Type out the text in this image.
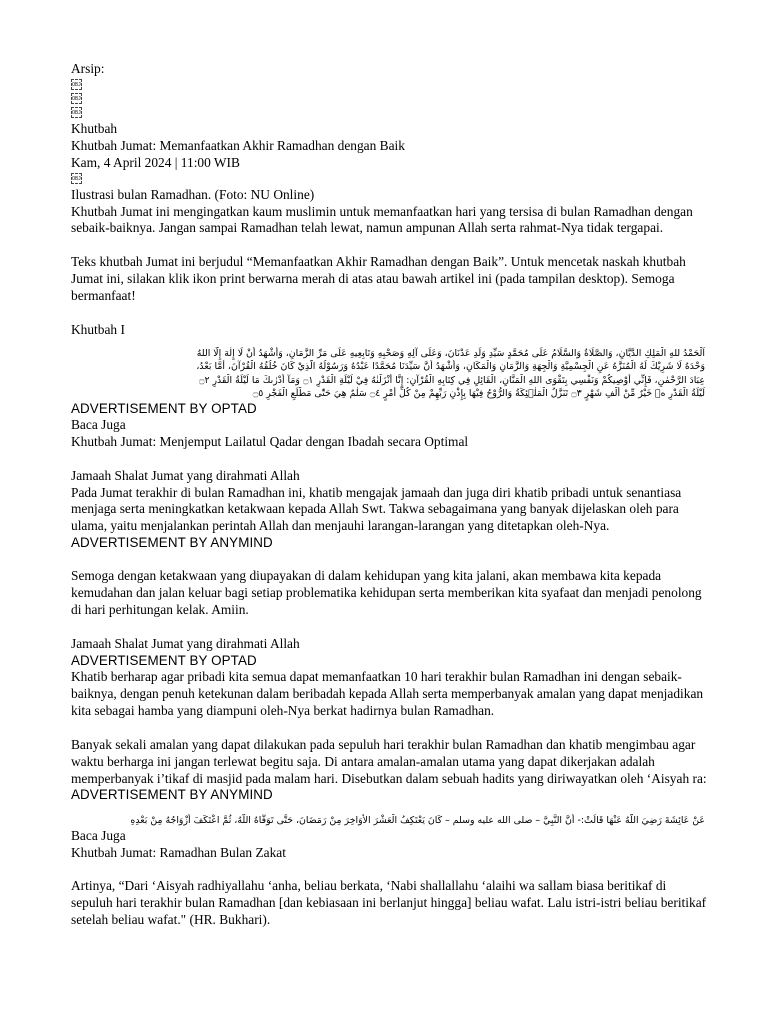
Arsip:

OBJ
OBJ
OBJ

Khutbah

Khutbah Jumat: Memanfaatkan Akhir Ramadhan dengan Baik

Kam, 4 April 2024 | 11:00 WIB

OBJ

Ilustrasi bulan Ramadhan. (Foto: NU Online)

Khutbah Jumat ini mengingatkan kaum muslimin untuk memanfaatkan hari yang tersisa di bulan Ramadhan dengan sebaik-baiknya. Jangan sampai Ramadhan telah lewat, namun ampunan Allah serta rahmat-Nya tidak tergapai.

Teks khutbah Jumat ini berjudul “Memanfaatkan Akhir Ramadhan dengan Baik”. Untuk mencetak naskah khutbah Jumat ini, silakan klik ikon print berwarna merah di atas atau bawah artikel ini (pada tampilan desktop). Semoga bermanfaat!

Khutbah I

اَلْحَمْدُ للهِ الْمَلِكِ الدَّيَّانِ، وَالصَّلَاةُ وَالسَّلَامُ عَلَى مُحَمَّدٍ سَيِّدِ وَلَدِ عَدْنَانَ، وَعَلَى آلِهِ وَصَحْبِهِ وَتَابِعِيهِ عَلَى مَرِّ الزَّمَانِ، وَأَشْهَدُ أَنْ لَا إِلٰهَ إِلَّا اللهُ

وَحْدَهُ لَا شَرِيْكَ لَهُ الْمُنَزَّهُ عَنِ الْجِسْمِيَّةِ وَالْجِهَةِ وَالزَّمَانِ وَالْمَكَانِ، وَأَشْهَدُ أَنَّ سَيِّدَنَا مُحَمَّدًا عَبْدُهُ وَرَسُوْلُهُ الَّذِيْ كَانَ خُلُقُهُ الْقُرْآنَ، أَمَّا بَعْدُ،

عِبَادَ الرَّحْمٰنِ، فَإِنِّي أُوْصِيكُمْ وَنَفْسِي بِتَقْوَى اللهِ الْمَنَّانِ، الْقَائِلِ فِي كِتَابِهِ الْقُرْآنِ: إِنَّا أَنْزَلْنٰهُ فِيْ لَيْلَةِ الْقَدْرِ ۝١ وَمَآ أَدْرٰىكَ مَا لَيْلَةُ الْقَدْرِ ۝٢

لَيْلَةُ الْقَدْرِ ەۙ خَيْرٌ مِّنْ أَلْفِ شَهْرٍ ۝٣ تَنَزَّلُ الْمَلٰۤئِكَةُ وَالرُّوْحُ فِيْهَا بِإِذْنِ رَبِّهِمْ مِنْ كُلِّ أَمْرٍ ۝٤ سَلٰمٌ هِيَ حَتّٰى مَطْلَعِ الْفَجْرِ ۝٥

ADVERTISEMENT BY OPTAD

Baca Juga

Khutbah Jumat: Menjemput Lailatul Qadar dengan Ibadah secara Optimal

Jamaah Shalat Jumat yang dirahmati Allah

Pada Jumat terakhir di bulan Ramadhan ini, khatib mengajak jamaah dan juga diri khatib pribadi untuk senantiasa menjaga serta meningkatkan ketakwaan kepada Allah Swt. Takwa sebagaimana yang banyak dijelaskan oleh para ulama, yaitu menjalankan perintah Allah dan menjauhi larangan-larangan yang ditetapkan oleh-Nya.

ADVERTISEMENT BY ANYMIND

Semoga dengan ketakwaan yang diupayakan di dalam kehidupan yang kita jalani, akan membawa kita kepada kemudahan dan jalan keluar bagi setiap problematika kehidupan serta memberikan kita syafaat dan menjadi penolong di hari perhitungan kelak. Amiin.

Jamaah Shalat Jumat yang dirahmati Allah

ADVERTISEMENT BY OPTAD

Khatib berharap agar pribadi kita semua dapat memanfaatkan 10 hari terakhir bulan Ramadhan ini dengan sebaik-baiknya, dengan penuh ketekunan dalam beribadah kepada Allah serta memperbanyak amalan yang dapat menjadikan kita sebagai hamba yang diampuni oleh-Nya berkat hadirnya bulan Ramadhan.

Banyak sekali amalan yang dapat dilakukan pada sepuluh hari terakhir bulan Ramadhan dan khatib mengimbau agar waktu berharga ini jangan terlewat begitu saja. Di antara amalan-amalan utama yang dapat dikerjakan adalah memperbanyak i’tikaf di masjid pada malam hari. Disebutkan dalam sebuah hadits yang diriwayatkan oleh ‘Aisyah ra:

ADVERTISEMENT BY ANYMIND

عَنْ عَائِشَةَ رَضِيَ اللَّهُ عَنْهَا قَالَتْ:- أَنَّ النَّبِيَّ – صلى الله عليه وسلم – كَانَ يَعْتَكِفُ الْعَشْرَ الأَوَاخِرَ مِنْ رَمَضَانَ، حَتَّى تَوَفَّاهُ اللَّهُ، ثُمَّ اعْتَكَفَ أَزْوَاجُهُ مِنْ بَعْدِهِ

Baca Juga

Khutbah Jumat: Ramadhan Bulan Zakat

Artinya, “Dari ‘Aisyah radhiyallahu ‘anha, beliau berkata, ‘Nabi shallallahu ‘alaihi wa sallam biasa beritikaf di sepuluh hari terakhir bulan Ramadhan [dan kebiasaan ini berlanjut hingga] beliau wafat. Lalu istri-istri beliau beritikaf setelah beliau wafat." (HR. Bukhari).
